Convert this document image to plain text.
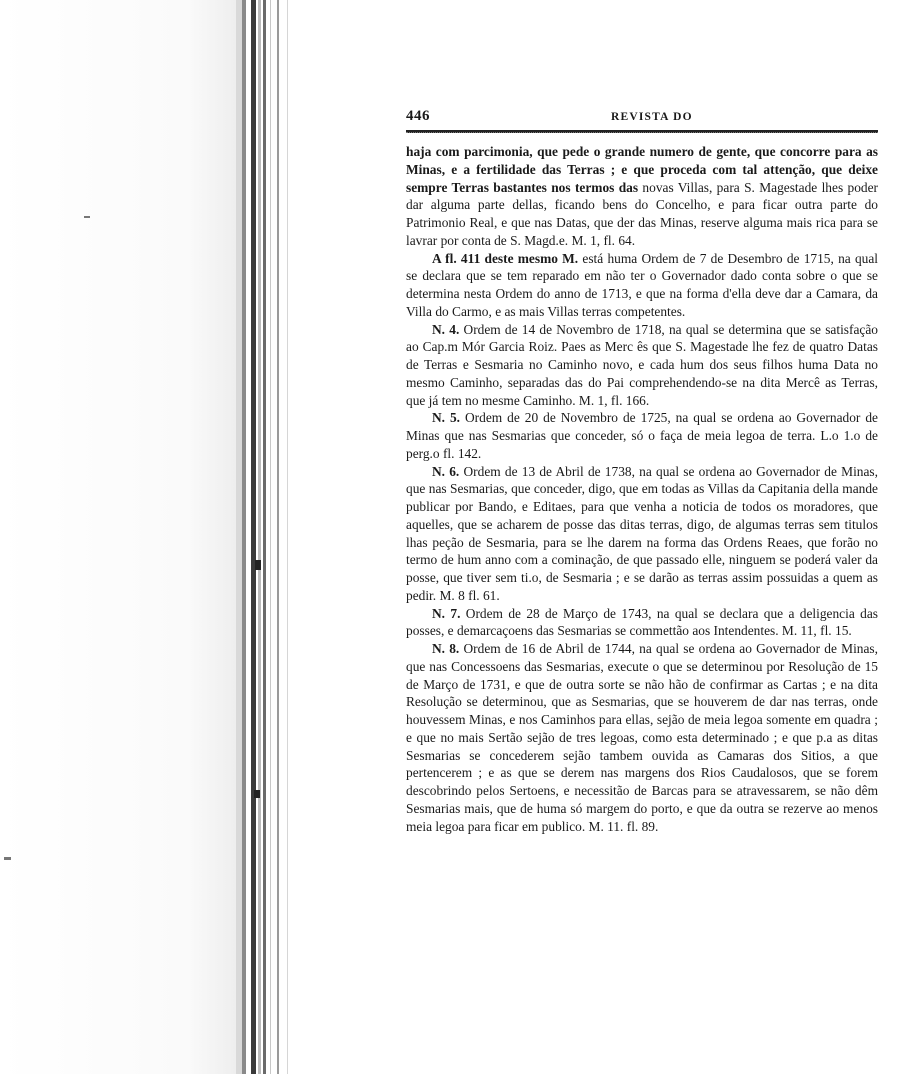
446	REVISTA DO

haja com parcimonia, que pede o grande numero de gente, que concorre para as Minas, e a fertilidade das Terras ; e que proceda com tal attenção, que deixe sempre Terras bastantes nos termos das novas Villas, para S. Magestade lhes poder dar alguma parte dellas, ficando bens do Concelho, e para ficar outra parte do Patrimonio Real, e que nas Datas, que der das Minas, reserve alguma mais rica para se lavrar por conta de S. Magd.e. M. 1, fl. 64.

A fl. 411 deste mesmo M. está huma Ordem de 7 de Desembro de 1715, na qual se declara que se tem reparado em não ter o Governador dado conta sobre o que se determina nesta Ordem do anno de 1713, e que na forma d'ella deve dar a Camara, da Villa do Carmo, e as mais Villas terras competentes.

N. 4. Ordem de 14 de Novembro de 1718, na qual se determina que se satisfação ao Cap.m Mór Garcia Roiz. Paes as Merc ês que S. Magestade lhe fez de quatro Datas de Terras e Sesmaria no Caminho novo, e cada hum dos seus filhos huma Data no mesmo Caminho, separadas das do Pai comprehendendo-se na dita Mercê as Terras, que já tem no mesme Caminho. M. 1, fl. 166.

N. 5. Ordem de 20 de Novembro de 1725, na qual se ordena ao Governador de Minas que nas Sesmarias que conceder, só o faça de meia legoa de terra. L.o 1.o de perg.o fl. 142.

N. 6. Ordem de 13 de Abril de 1738, na qual se ordena ao Governador de Minas, que nas Sesmarias, que conceder, digo, que em todas as Villas da Capitania della mande publicar por Bando, e Editaes, para que venha a noticia de todos os moradores, que aquelles, que se acharem de posse das ditas terras, digo, de algumas terras sem titulos lhas peção de Sesmaria, para se lhe darem na forma das Ordens Reaes, que forão no termo de hum anno com a cominação, de que passado elle, ninguem se poderá valer da posse, que tiver sem ti.o, de Sesmaria ; e se darão as terras assim possuidas a quem as pedir. M. 8 fl. 61.

N. 7. Ordem de 28 de Março de 1743, na qual se declara que a deligencia das posses, e demarcaçoens das Sesmarias se commettão aos Intendentes. M. 11, fl. 15.

N. 8. Ordem de 16 de Abril de 1744, na qual se ordena ao Governador de Minas, que nas Concessoens das Sesmarias, execute o que se determinou por Resolução de 15 de Março de 1731, e que de outra sorte se não hão de confirmar as Cartas ; e na dita Resolução se determinou, que as Sesmarias, que se houverem de dar nas terras, onde houvessem Minas, e nos Caminhos para ellas, sejão de meia legoa somente em quadra ; e que no mais Sertão sejão de tres legoas, como esta determinado ; e que p.a as ditas Sesmarias se concederem sejão tambem ouvida as Camaras dos Sitios, a que pertencerem ; e as que se derem nas margens dos Rios Caudalosos, que se forem descobrindo pelos Sertoens, e necessitão de Barcas para se atravessarem, se não dêm Sesmarias mais, que de huma só margem do porto, e que da outra se rezerve ao menos meia legoa para ficar em publico. M. 11. fl. 89.
